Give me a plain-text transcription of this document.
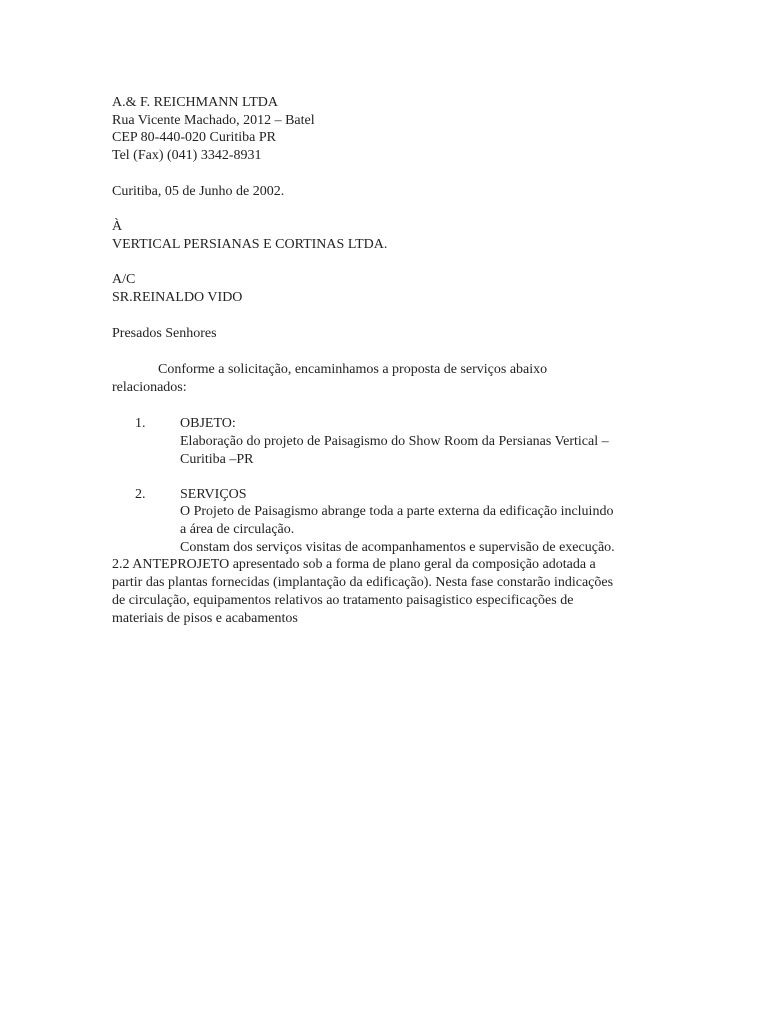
A.& F. REICHMANN LTDA
Rua Vicente Machado, 2012 – Batel
CEP 80-440-020 Curitiba PR
Tel (Fax) (041) 3342-8931
Curitiba, 05 de Junho de 2002.
À
VERTICAL PERSIANAS E CORTINAS LTDA.
A/C
SR.REINALDO VIDO
Presados Senhores
Conforme a solicitação, encaminhamos a proposta de serviços abaixo
relacionados:
1. OBJETO:
Elaboração do projeto de Paisagismo do Show Room da Persianas Vertical –
Curitiba –PR
2. SERVIÇOS
O Projeto de Paisagismo abrange toda a parte externa da edificação incluindo
a área de circulação.
Constam dos serviços visitas de acompanhamentos e supervisão de execução.
2.2 ANTEPROJETO apresentado sob a forma de plano geral da composição adotada a
partir das plantas fornecidas (implantação da edificação). Nesta fase constarão indicações
de circulação, equipamentos relativos ao tratamento paisagistico especificações de
materiais de pisos e acabamentos
